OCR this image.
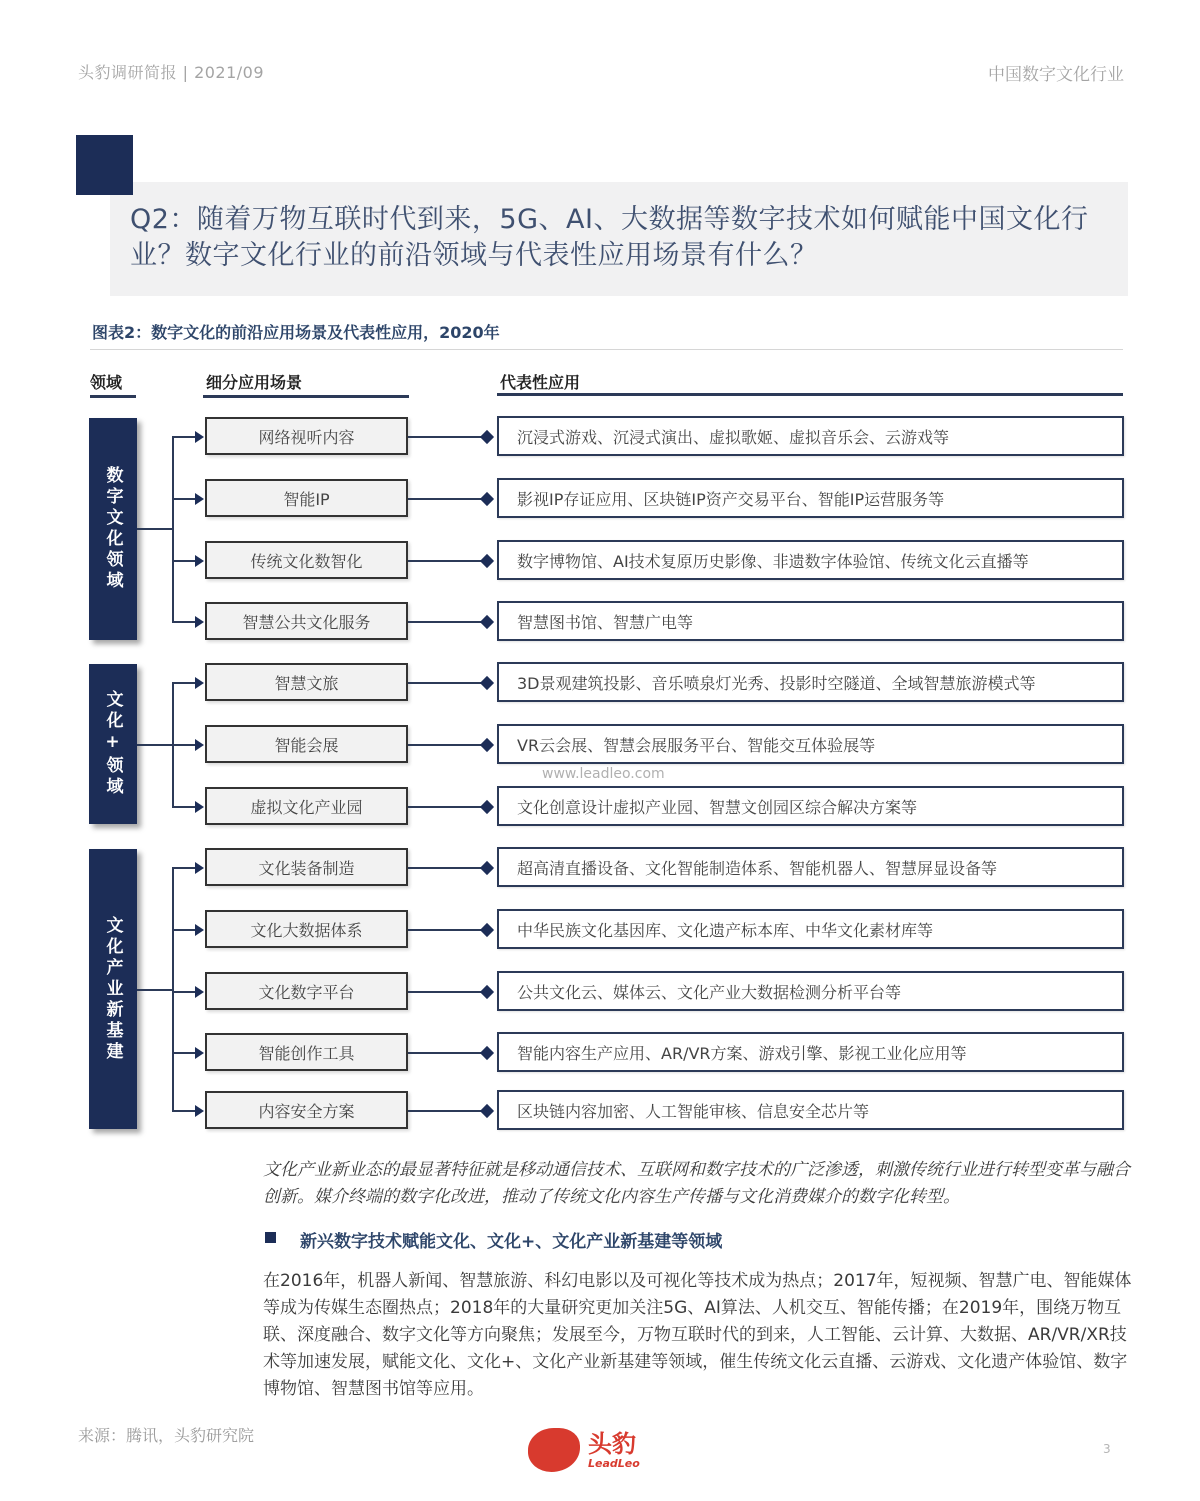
头豹调研简报 | 2021/09	中国数字文化行业
Q2：随着万物互联时代到来，5G、AI、大数据等数字技术如何赋能中国文化行业？数字文化行业的前沿领域与代表性应用场景有什么？
图表2：数字文化的前沿应用场景及代表性应用，2020年
领域	细分应用场景	代表性应用
数字文化领域
网络视听内容	沉浸式游戏、沉浸式演出、虚拟歌姬、虚拟音乐会、云游戏等
智能IP	影视IP存证应用、区块链IP资产交易平台、智能IP运营服务等
传统文化数智化	数字博物馆、AI技术复原历史影像、非遗数字体验馆、传统文化云直播等
智慧公共文化服务	智慧图书馆、智慧广电等
文化+领域
智慧文旅	3D景观建筑投影、音乐喷泉灯光秀、投影时空隧道、全域智慧旅游模式等
智能会展	VR云会展、智慧会展服务平台、智能交互体验展等
www.leadleo.com
虚拟文化产业园	文化创意设计虚拟产业园、智慧文创园区综合解决方案等
文化产业新基建
文化装备制造	超高清直播设备、文化智能制造体系、智能机器人、智慧屏显设备等
文化大数据体系	中华民族文化基因库、文化遗产标本库、中华文化素材库等
文化数字平台	公共文化云、媒体云、文化产业大数据检测分析平台等
智能创作工具	智能内容生产应用、AR/VR方案、游戏引擎、影视工业化应用等
内容安全方案	区块链内容加密、人工智能审核、信息安全芯片等
文化产业新业态的最显著特征就是移动通信技术、互联网和数字技术的广泛渗透，刺激传统行业进行转型变革与融合创新。媒介终端的数字化改进，推动了传统文化内容生产传播与文化消费媒介的数字化转型。
新兴数字技术赋能文化、文化+、文化产业新基建等领域
在2016年，机器人新闻、智慧旅游、科幻电影以及可视化等技术成为热点；2017年，短视频、智慧广电、智能媒体等成为传媒生态圈热点；2018年的大量研究更加关注5G、AI算法、人机交互、智能传播；在2019年，围绕万物互联、深度融合、数字文化等方向聚焦；发展至今，万物互联时代的到来，人工智能、云计算、大数据、AR/VR/XR技术等加速发展，赋能文化、文化+、文化产业新基建等领域，催生传统文化云直播、云游戏、文化遗产体验馆、数字博物馆、智慧图书馆等应用。
来源：腾讯，头豹研究院	头豹
LeadLeo
3
